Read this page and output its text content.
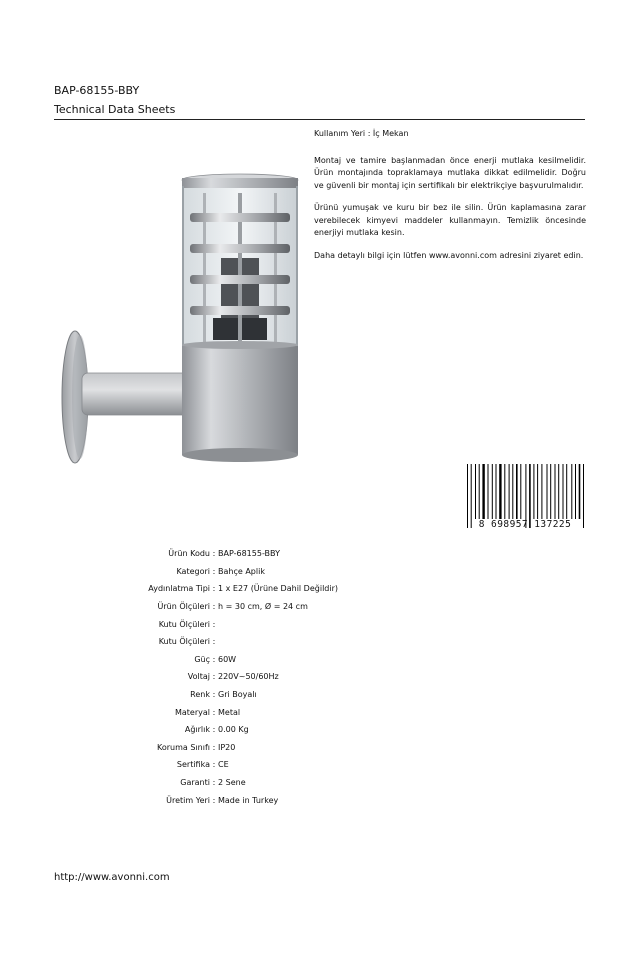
BAP-68155-BBY
Technical Data Sheets

Kullanım Yeri : İç Mekan

Montaj ve tamire başlanmadan önce enerji mutlaka kesilmelidir. Ürün montajında topraklamaya mutlaka dikkat edilmelidir. Doğru ve güvenli bir montaj için sertifikalı bir elektrikçiye başvurulmalıdır.

Ürünü yumuşak ve kuru bir bez ile silin. Ürün kaplamasına zarar verebilecek kimyevi maddeler kullanmayın. Temizlik öncesinde enerjiyi mutlaka kesin.

Daha detaylı bilgi için lütfen www.avonni.com adresini ziyaret edin.

8 698957 137225
Ürün Kodu : BAP-68155-BBY
Kategori : Bahçe Aplik
Aydınlatma Tipi : 1 x E27 (Ürüne Dahil Değildir)
Ürün Ölçüleri : h = 30 cm, Ø = 24 cm
Kutu Ölçüleri :
Kutu Ölçüleri :
Güç : 60W
Voltaj : 220V~50/60Hz
Renk : Gri Boyalı
Materyal : Metal
Ağırlık : 0.00 Kg
Koruma Sınıfı : IP20
Sertifika : CE
Garanti : 2 Sene
Üretim Yeri : Made in Turkey
http://www.avonni.com
